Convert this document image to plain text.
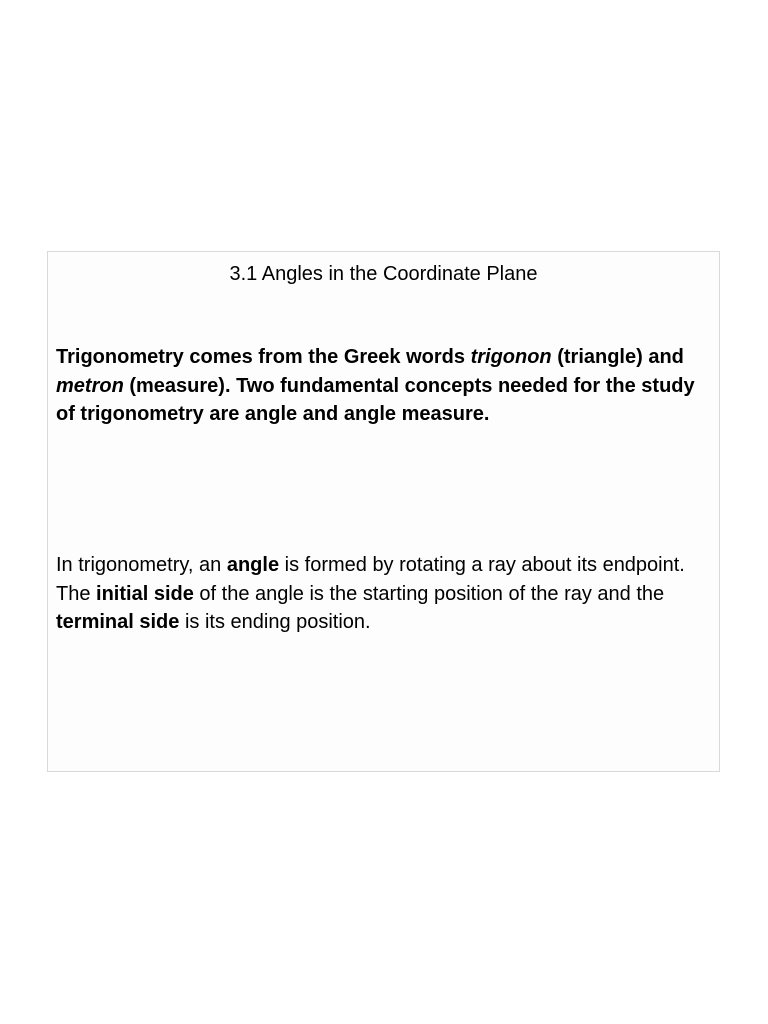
3.1 Angles in the Coordinate Plane

Trigonometry comes from the Greek words trigonon (triangle) and metron (measure). Two fundamental concepts needed for the study of trigonometry are angle and angle measure.

In trigonometry, an angle is formed by rotating a ray about its endpoint. The initial side of the angle is the starting position of the ray and the terminal side is its ending position.
